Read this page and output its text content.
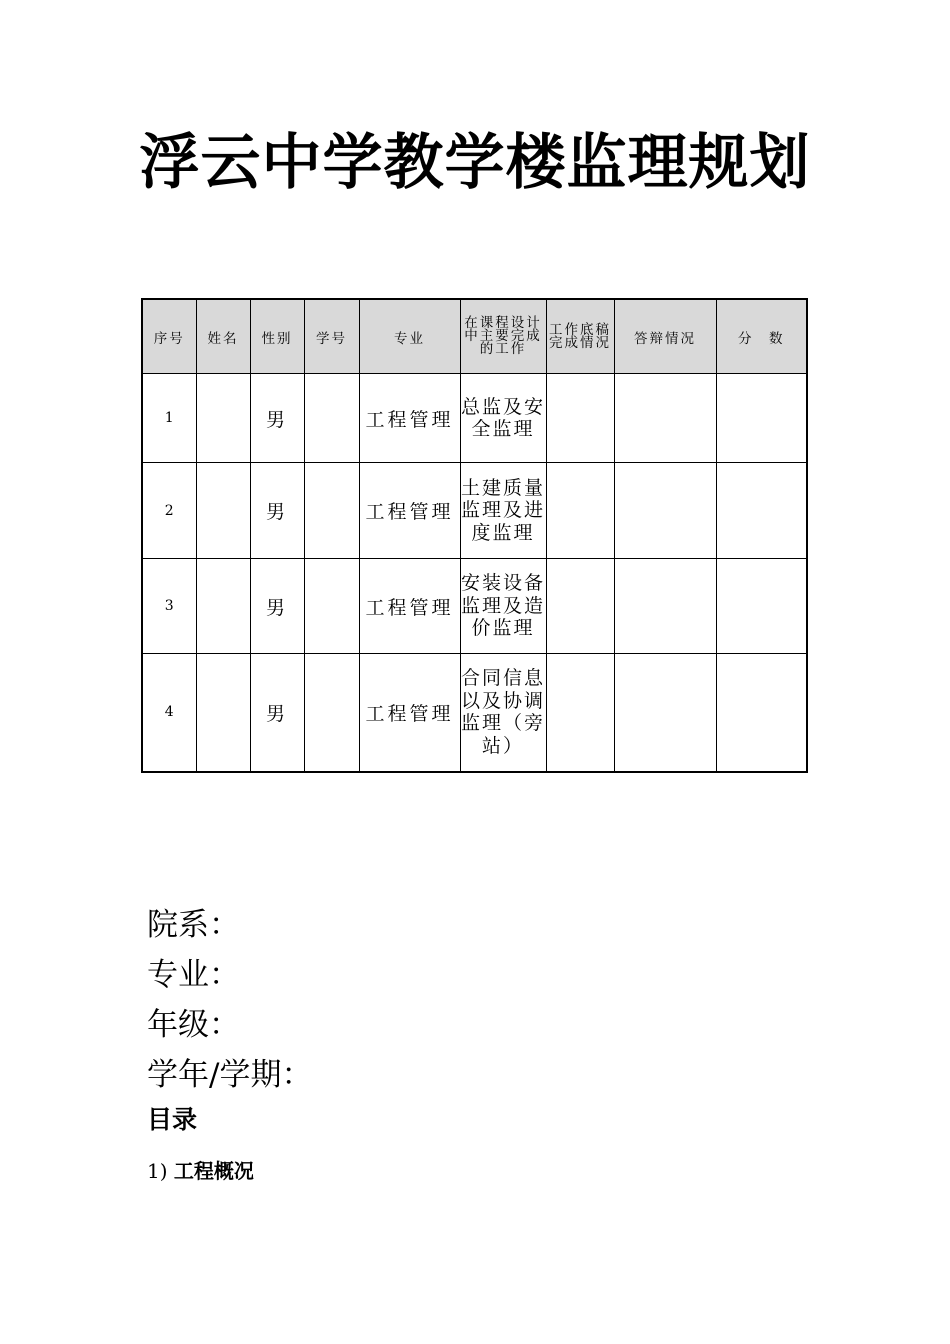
浮云中学教学楼监理规划
序号	姓名	性别	学号	专业	在课程设计中主要完成的工作	工作底稿完成情况	答辩情况	分　数
1		男		工程管理	总监及安全监理			
2		男		工程管理	土建质量监理及进度监理			
3		男		工程管理	安装设备监理及造价监理			
4		男		工程管理	合同信息以及协调监理（旁站）			
院系：
专业：
年级：
学年/学期：
目录
1) 工程概况
